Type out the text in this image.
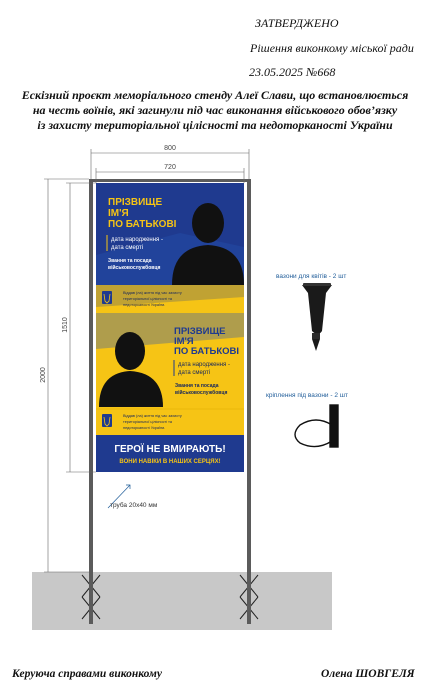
ЗАТВЕРДЖЕНО
Рішення виконкому міської ради
23.05.2025 №668
Ескізний проєкт меморіального стенду Алеї Слави, що встановлюється
на честь воїнів, які загинули під час виконання військового обов’язку
із захисту територіальної цілісності та недоторканості України
800
720
2000
1510
ПРІЗВИЩЕ
ІМ'Я
ПО БАТЬКОВІ
дата народження -
дата смерті
Звання та посада
військовослужбовця
Віддав (ла) життя під час захисту
територіальної цілісності та
недоторканості України.
ПРІЗВИЩЕ
ІМ'Я
ПО БАТЬКОВІ
дата народження -
дата смерті
Звання та посада
військовослужбовця
Віддав (ла) життя під час захисту
територіальної цілісності та
недоторканості України.
ГЕРОЇ НЕ ВМИРАЮТЬ!
ВОНИ НАВІКИ В НАШИХ СЕРЦЯХ!
труба 20х40 мм
вазони для квітів - 2 шт
кріплення під вазони - 2 шт
Керуюча справами виконкому	Олена ШОВГЕЛЯ
